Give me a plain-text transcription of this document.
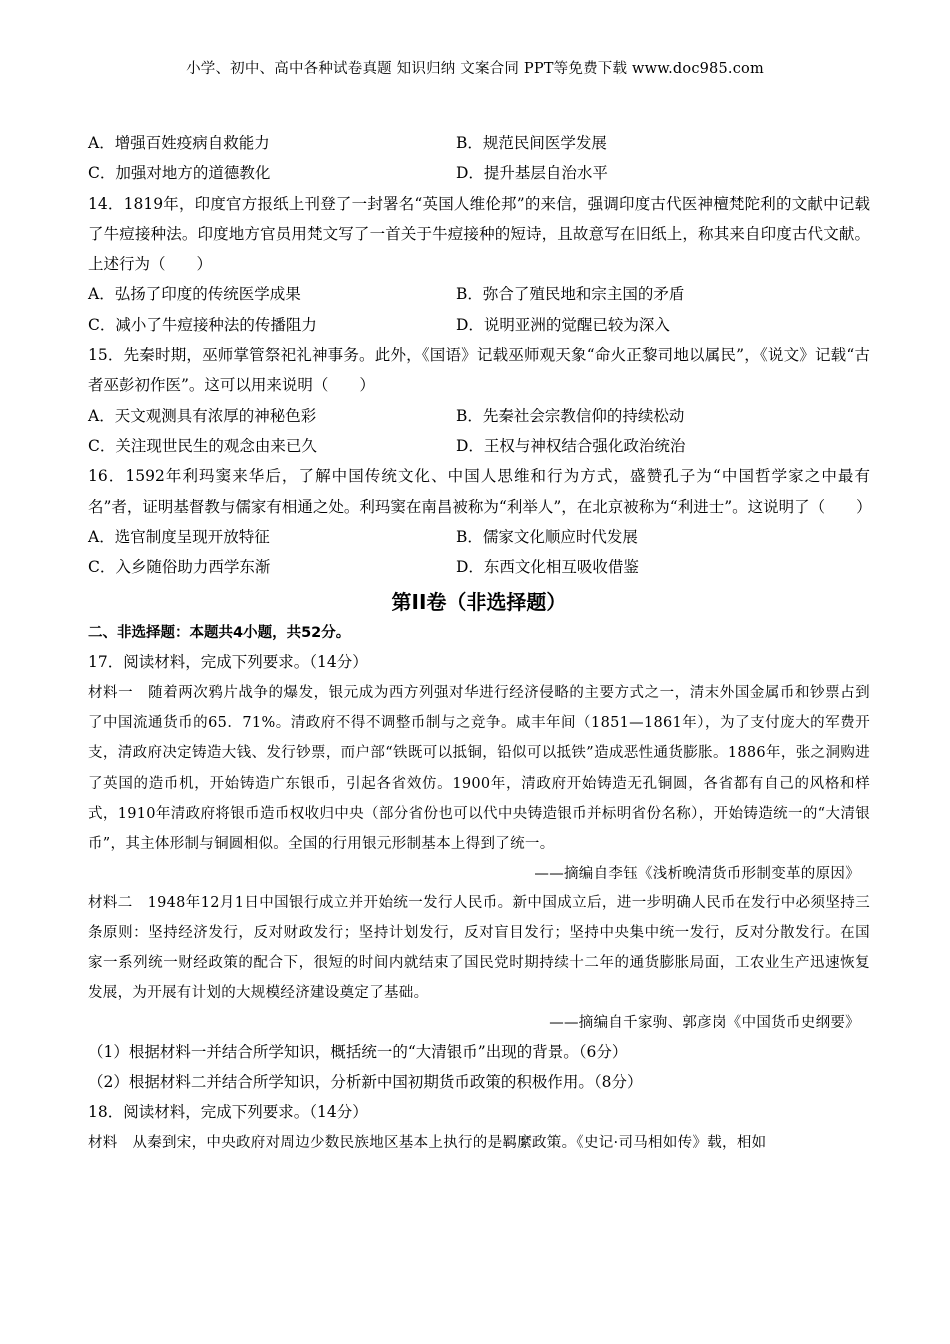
小学、初中、高中各种试卷真题 知识归纳 文案合同 PPT等免费下载 www.doc985.com
A．增强百姓疫病自救能力	B．规范民间医学发展
C．加强对地方的道德教化	D．提升基层自治水平
14．1819年，印度官方报纸上刊登了一封署名“英国人维伦邦”的来信，强调印度古代医神檀梵陀利的文献中记载了牛痘接种法。印度地方官员用梵文写了一首关于牛痘接种的短诗，且故意写在旧纸上，称其来自印度古代文献。上述行为（　　）
A．弘扬了印度的传统医学成果	B．弥合了殖民地和宗主国的矛盾
C．减小了牛痘接种法的传播阻力	D．说明亚洲的觉醒已较为深入
15．先秦时期，巫师掌管祭祀礼神事务。此外，《国语》记载巫师观天象“命火正黎司地以属民”，《说文》记载“古者巫彭初作医”。这可以用来说明（　　）
A．天文观测具有浓厚的神秘色彩	B．先秦社会宗教信仰的持续松动
C．关注现世民生的观念由来已久	D．王权与神权结合强化政治统治
16．1592年利玛窦来华后，了解中国传统文化、中国人思维和行为方式，盛赞孔子为“中国哲学家之中最有名”者，证明基督教与儒家有相通之处。利玛窦在南昌被称为“利举人”，在北京被称为“利进士”。这说明了（　　）
A．选官制度呈现开放特征	B．儒家文化顺应时代发展
C．入乡随俗助力西学东渐	D．东西文化相互吸收借鉴
第II卷（非选择题）
二、非选择题：本题共4小题，共52分。
17．阅读材料，完成下列要求。（14分）
材料一　随着两次鸦片战争的爆发，银元成为西方列强对华进行经济侵略的主要方式之一，清末外国金属币和钞票占到了中国流通货币的65．71%。清政府不得不调整币制与之竞争。咸丰年间（1851—1861年），为了支付庞大的军费开支，清政府决定铸造大钱、发行钞票，而户部“铁既可以抵铜，铅似可以抵铁”造成恶性通货膨胀。1886年，张之洞购进了英国的造币机，开始铸造广东银币，引起各省效仿。1900年，清政府开始铸造无孔铜圆，各省都有自己的风格和样式，1910年清政府将银币造币权收归中央（部分省份也可以代中央铸造银币并标明省份名称），开始铸造统一的“大清银币”，其主体形制与铜圆相似。全国的行用银元形制基本上得到了统一。
——摘编自李钰《浅析晚清货币形制变革的原因》
材料二　1948年12月1日中国银行成立并开始统一发行人民币。新中国成立后，进一步明确人民币在发行中必须坚持三条原则：坚持经济发行，反对财政发行；坚持计划发行，反对盲目发行；坚持中央集中统一发行，反对分散发行。在国家一系列统一财经政策的配合下，很短的时间内就结束了国民党时期持续十二年的通货膨胀局面，工农业生产迅速恢复发展，为开展有计划的大规模经济建设奠定了基础。
——摘编自千家驹、郭彦岗《中国货币史纲要》
（1）根据材料一并结合所学知识，概括统一的“大清银币”出现的背景。（6分）
（2）根据材料二并结合所学知识，分析新中国初期货币政策的积极作用。（8分）
18．阅读材料，完成下列要求。（14分）
材料　从秦到宋，中央政府对周边少数民族地区基本上执行的是羁縻政策。《史记·司马相如传》载，相如
